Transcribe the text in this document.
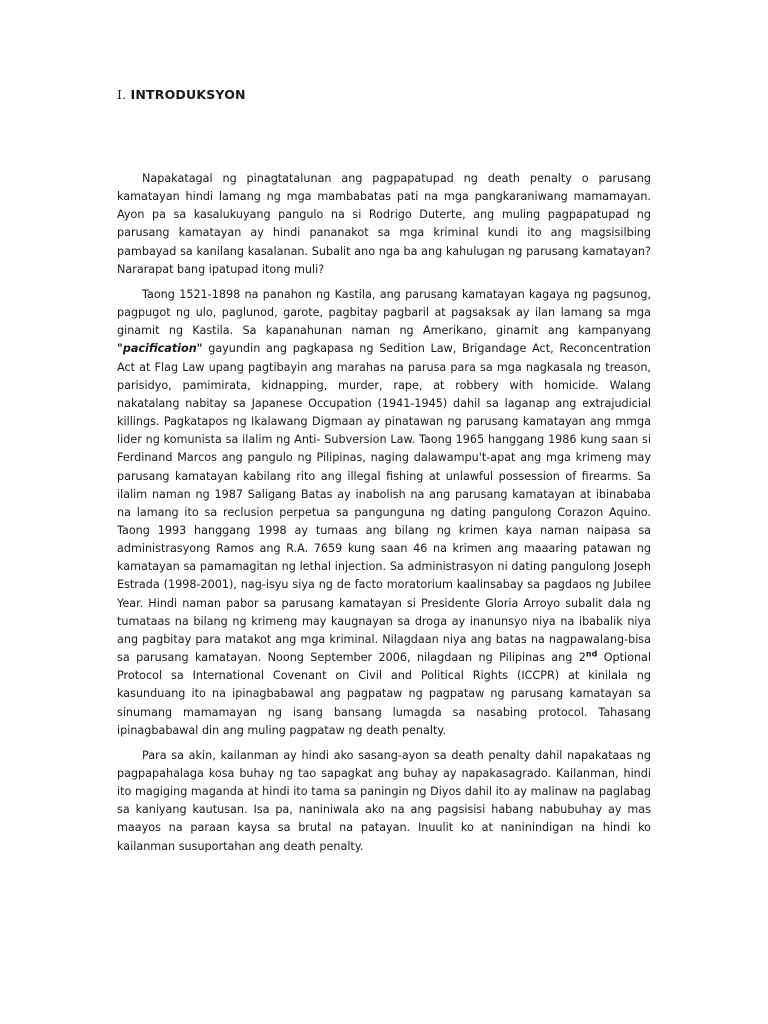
I. INTRODUKSYON

Napakatagal ng pinagtatalunan ang pagpapatupad ng death penalty o parusang kamatayan hindi lamang ng mga mambabatas pati na mga pangkaraniwang mamamayan. Ayon pa sa kasalukuyang pangulo na si Rodrigo Duterte, ang muling pagpapatupad ng parusang kamatayan ay hindi pananakot sa mga kriminal kundi ito ang magsisilbing pambayad sa kanilang kasalanan. Subalit ano nga ba ang kahulugan ng parusang kamatayan? Nararapat bang ipatupad itong muli?

Taong 1521-1898 na panahon ng Kastila, ang parusang kamatayan kagaya ng pagsunog, pagpugot ng ulo, paglunod, garote, pagbitay pagbaril at pagsaksak ay ilan lamang sa mga ginamit ng Kastila. Sa kapanahunan naman ng Amerikano, ginamit ang kampanyang "pacification" gayundin ang pagkapasa ng Sedition Law, Brigandage Act, Reconcentration Act at Flag Law upang pagtibayin ang marahas na parusa para sa mga nagkasala ng treason, parisidyo, pamimirata, kidnapping, murder, rape, at robbery with homicide. Walang nakatalang nabitay sa Japanese Occupation (1941-1945) dahil sa laganap ang extrajudicial killings. Pagkatapos ng Ikalawang Digmaan ay pinatawan ng parusang kamatayan ang mmga lider ng komunista sa ilalim ng Anti- Subversion Law. Taong 1965 hanggang 1986 kung saan si Ferdinand Marcos ang pangulo ng Pilipinas, naging dalawampu't-apat ang mga krimeng may parusang kamatayan kabilang rito ang illegal fishing at unlawful possession of firearms. Sa ilalim naman ng 1987 Saligang Batas ay inabolish na ang parusang kamatayan at ibinababa na lamang ito sa reclusion perpetua sa pangunguna ng dating pangulong Corazon Aquino. Taong 1993 hanggang 1998 ay tumaas ang bilang ng krimen kaya naman naipasa sa administrasyong Ramos ang R.A. 7659 kung saan 46 na krimen ang maaaring patawan ng kamatayan sa pamamagitan ng lethal injection. Sa administrasyon ni dating pangulong Joseph Estrada (1998-2001), nag-isyu siya ng de facto moratorium kaalinsabay sa pagdaos ng Jubilee Year. Hindi naman pabor sa parusang kamatayan si Presidente Gloria Arroyo subalit dala ng tumataas na bilang ng krimeng may kaugnayan sa droga ay inanunsyo niya na ibabalik niya ang pagbitay para matakot ang mga kriminal. Nilagdaan niya ang batas na nagpawalang-bisa sa parusang kamatayan. Noong September 2006, nilagdaan ng Pilipinas ang 2nd Optional Protocol sa International Covenant on Civil and Political Rights (ICCPR) at kinilala ng kasunduang ito na ipinagbabawal ang pagpataw ng pagpataw ng parusang kamatayan sa sinumang mamamayan ng isang bansang lumagda sa nasabing protocol. Tahasang ipinagbabawal din ang muling pagpataw ng death penalty.

Para sa akin, kailanman ay hindi ako sasang-ayon sa death penalty dahil napakataas ng pagpapahalaga kosa buhay ng tao sapagkat ang buhay ay napakasagrado. Kailanman, hindi ito magiging maganda at hindi ito tama sa paningin ng Diyos dahil ito ay malinaw na paglabag sa kaniyang kautusan. Isa pa, naniniwala ako na ang pagsisisi habang nabubuhay ay mas maayos na paraan kaysa sa brutal na patayan. Inuulit ko at naninindigan na hindi ko kailanman susuportahan ang death penalty.
